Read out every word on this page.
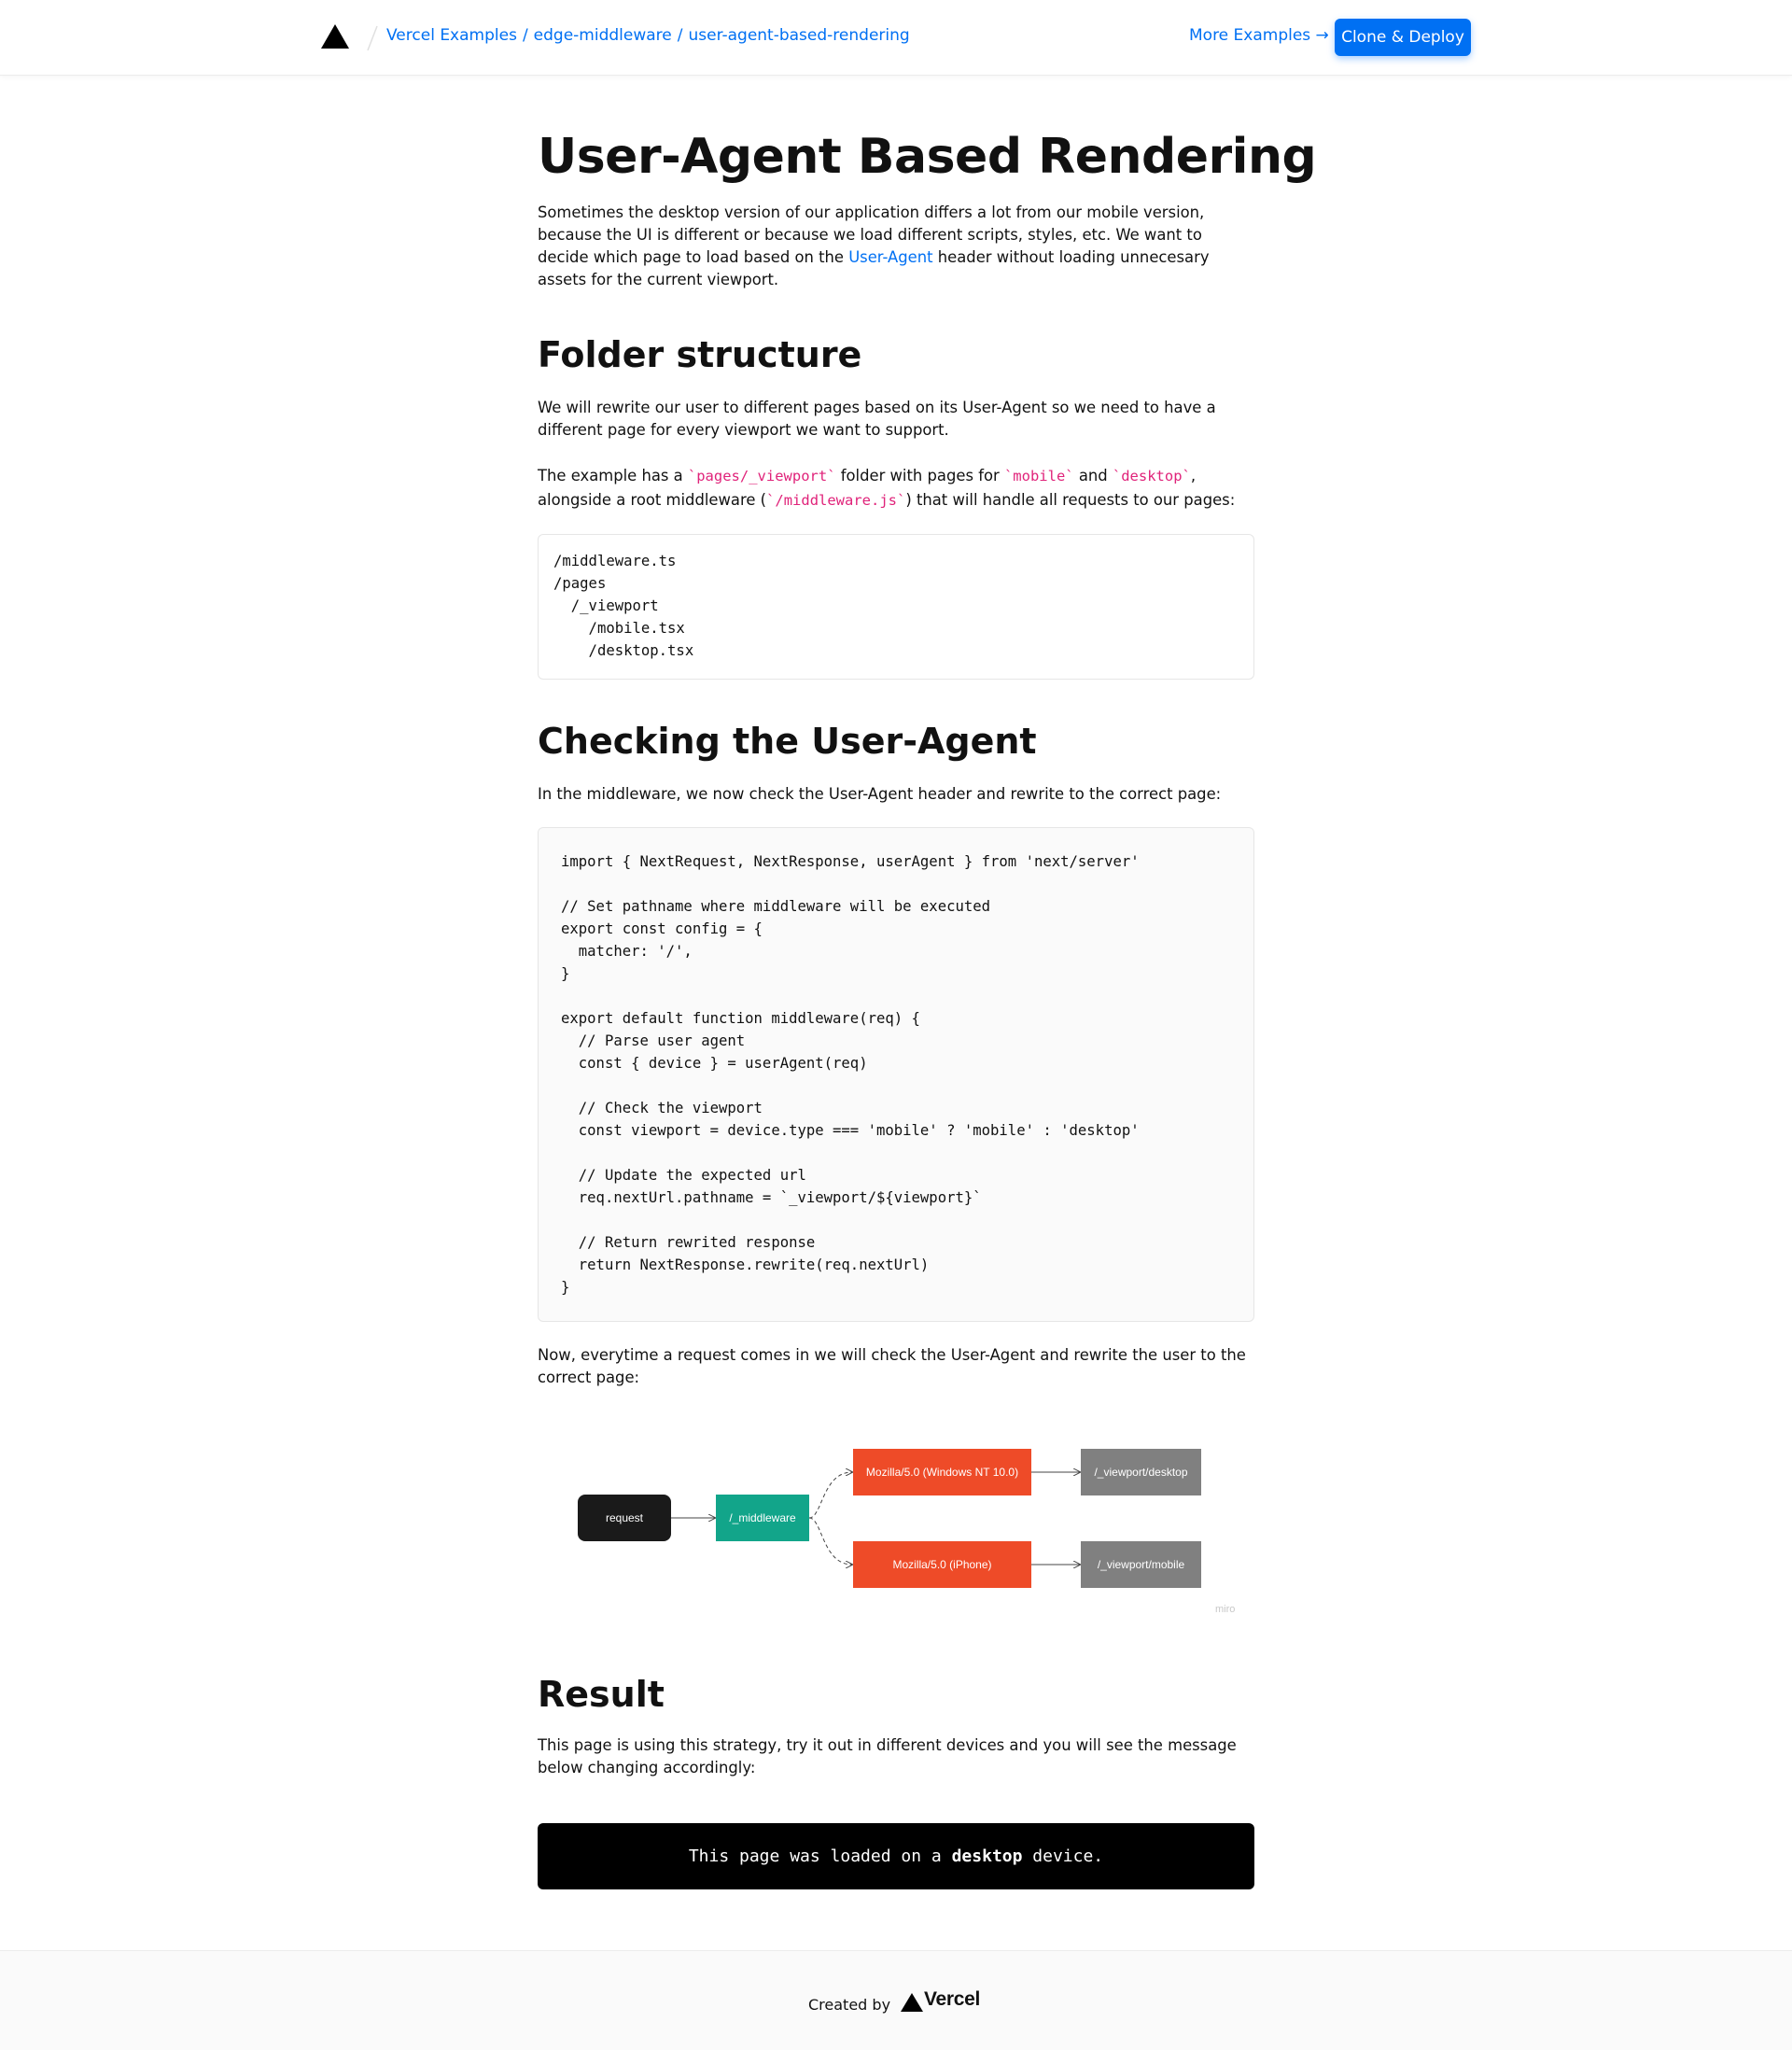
Vercel Examples / edge-middleware / user-agent-based-rendering	More Examples → Clone & Deploy
User-Agent Based Rendering

Sometimes the desktop version of our application differs a lot from our mobile version, because the UI is different or because we load different scripts, styles, etc. We want to decide which page to load based on the User-Agent header without loading unnecesary assets for the current viewport.

Folder structure

We will rewrite our user to different pages based on its User-Agent so we need to have a different page for every viewport we want to support.

The example has a `pages/_viewport` folder with pages for `mobile` and `desktop`, alongside a root middleware (`/middleware.js`) that will handle all requests to our pages:

/middleware.ts
/pages
/_viewport
/mobile.tsx
/desktop.tsx
Checking the User-Agent

In the middleware, we now check the User-Agent header and rewrite to the correct page:

import { NextRequest, NextResponse, userAgent } from 'next/server'

// Set pathname where middleware will be executed
export const config = {
matcher: '/',
}

export default function middleware(req) {
// Parse user agent
const { device } = userAgent(req)

// Check the viewport
const viewport = device.type === 'mobile' ? 'mobile' : 'desktop'

// Update the expected url
req.nextUrl.pathname = `_viewport/${viewport}`

// Return rewrited response
return NextResponse.rewrite(req.nextUrl)
}

Now, everytime a request comes in we will check the User-Agent and rewrite the user to the correct page:

request	/_middleware
Mozilla/5.0 (Windows NT 10.0)
Mozilla/5.0 (iPhone)
/_viewport/desktop
/_viewport/mobile
miro
Result

This page is using this strategy, try it out in different devices and you will see the message below changing accordingly:

This page was loaded on a desktop device.
Created by Vercel
